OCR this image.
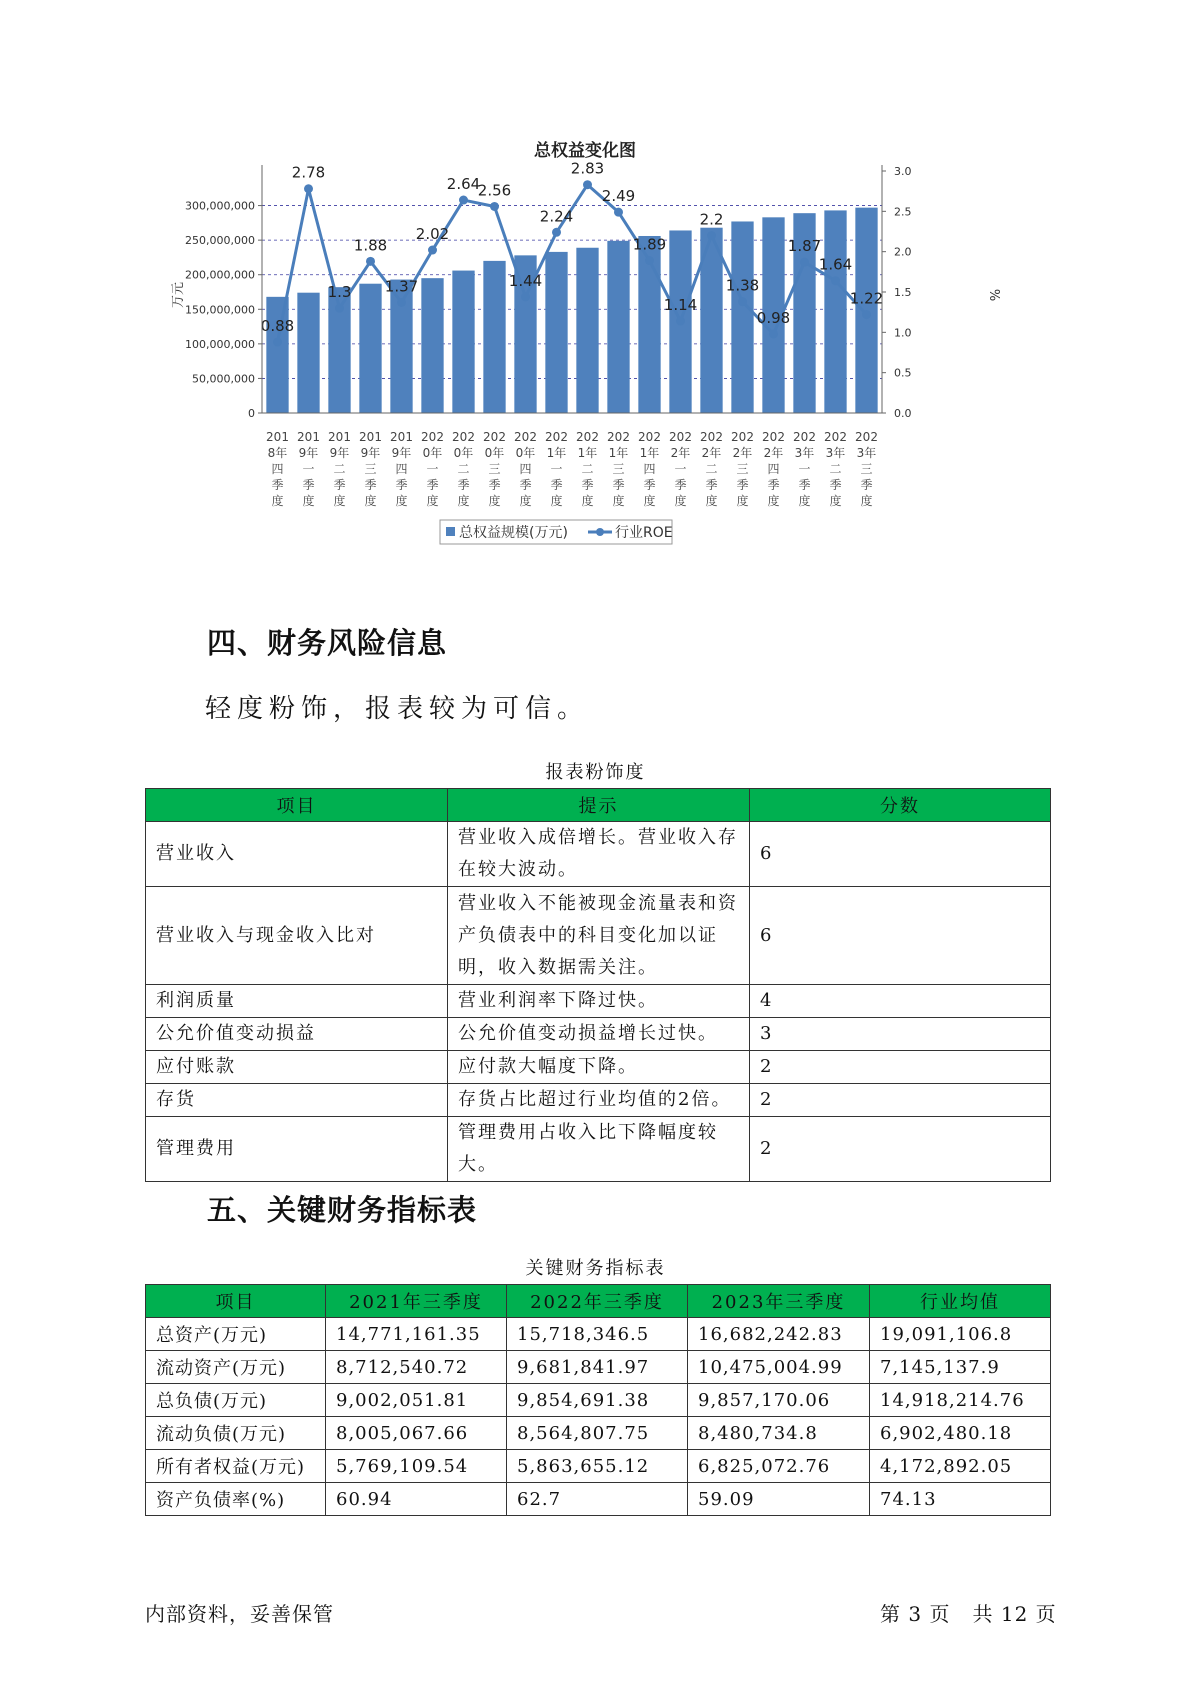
总权益变化图
0.88
2.78
1.3
1.88
1.37
2.02
2.64
2.56
1.44
2.24
2.83
2.49
1.89
1.14
2.2
1.38
0.98
1.87
1.64
1.22
0
50,000,000
100,000,000
150,000,000
200,000,000
250,000,000
300,000,000
0.0
0.5
1.0
1.5
2.0
2.5
3.0
201
8年
四
季
度
201
9年
一
季
度
201
9年
二
季
度
201
9年
三
季
度
201
9年
四
季
度
202
0年
一
季
度
202
0年
二
季
度
202
0年
三
季
度
202
0年
四
季
度
202
1年
一
季
度
202
1年
二
季
度
202
1年
三
季
度
202
1年
四
季
度
202
2年
一
季
度
202
2年
二
季
度
202
2年
三
季
度
202
2年
四
季
度
202
3年
一
季
度
202
3年
二
季
度
202
3年
三
季
度
万元	%
总权益规模(万元)	行业ROE
四、财务风险信息
轻度粉饰，报表较为可信。
报表粉饰度
项目	提示	分数
营业收入	营业收入成倍增长。营业收入存在较大波动。	6
营业收入与现金收入比对	营业收入不能被现金流量表和资产负债表中的科目变化加以证明，收入数据需关注。	6
利润质量	营业利润率下降过快。	4
公允价值变动损益	公允价值变动损益增长过快。	3
应付账款	应付款大幅度下降。	2
存货	存货占比超过行业均值的2倍。	2
管理费用	管理费用占收入比下降幅度较大。	2
五、关键财务指标表
关键财务指标表
项目	2021年三季度	2022年三季度	2023年三季度	行业均值
总资产(万元)	14,771,161.35	15,718,346.5	16,682,242.83	19,091,106.8
流动资产(万元)	8,712,540.72	9,681,841.97	10,475,004.99	7,145,137.9
总负债(万元)	9,002,051.81	9,854,691.38	9,857,170.06	14,918,214.76
流动负债(万元)	8,005,067.66	8,564,807.75	8,480,734.8	6,902,480.18
所有者权益(万元)	5,769,109.54	5,863,655.12	6,825,072.76	4,172,892.05
资产负债率(%)	60.94	62.7	59.09	74.13
内部资料，妥善保管	第 3 页   共 12 页
